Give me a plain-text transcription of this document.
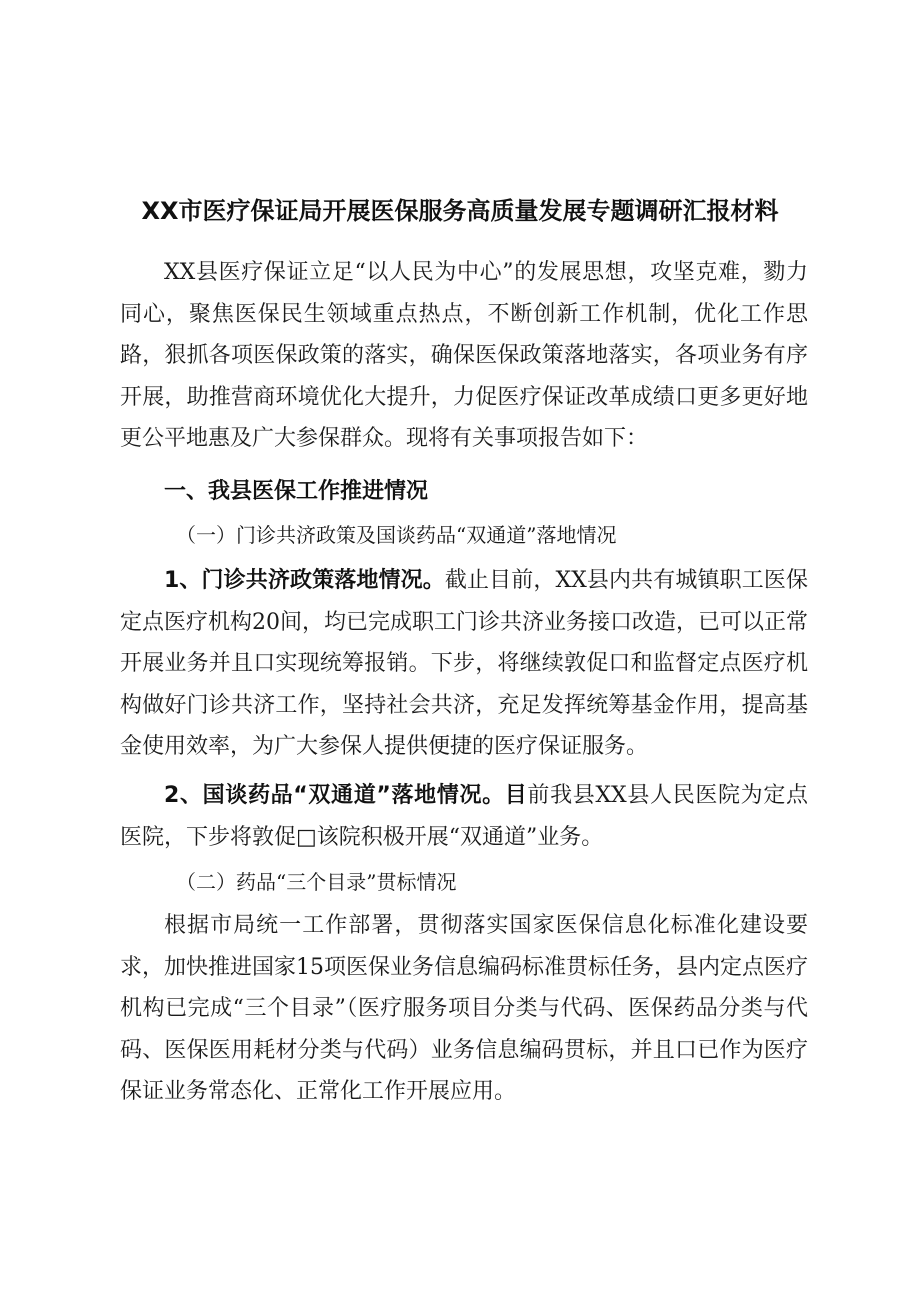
XX市医疗保证局开展医保服务高质量发展专题调研汇报材料
XX县医疗保证立足“以人民为中心”的发展思想，攻坚克难，勠力同心，聚焦医保民生领域重点热点，不断创新工作机制，优化工作思路，狠抓各项医保政策的落实，确保医保政策落地落实，各项业务有序开展，助推营商环境优化大提升，力促医疗保证改革成绩口更多更好地更公平地惠及广大参保群众。现将有关事项报告如下：
一、我县医保工作推进情况
（一）门诊共济政策及国谈药品“双通道”落地情况
1、门诊共济政策落地情况。截止目前，XX县内共有城镇职工医保定点医疗机构20间，均已完成职工门诊共济业务接口改造，已可以正常开展业务并且口实现统筹报销。下步，将继续敦促口和监督定点医疗机构做好门诊共济工作，坚持社会共济，充足发挥统筹基金作用，提高基金使用效率，为广大参保人提供便捷的医疗保证服务。
2、国谈药品“双通道”落地情况。目前我县XX县人民医院为定点医院，下步将敦促□该院积极开展“双通道”业务。
（二）药品“三个目录”贯标情况
根据市局统一工作部署，贯彻落实国家医保信息化标准化建设要求，加快推进国家15项医保业务信息编码标准贯标任务，县内定点医疗机构已完成“三个目录”（医疗服务项目分类与代码、医保药品分类与代码、医保医用耗材分类与代码）业务信息编码贯标，并且口已作为医疗保证业务常态化、正常化工作开展应用。
